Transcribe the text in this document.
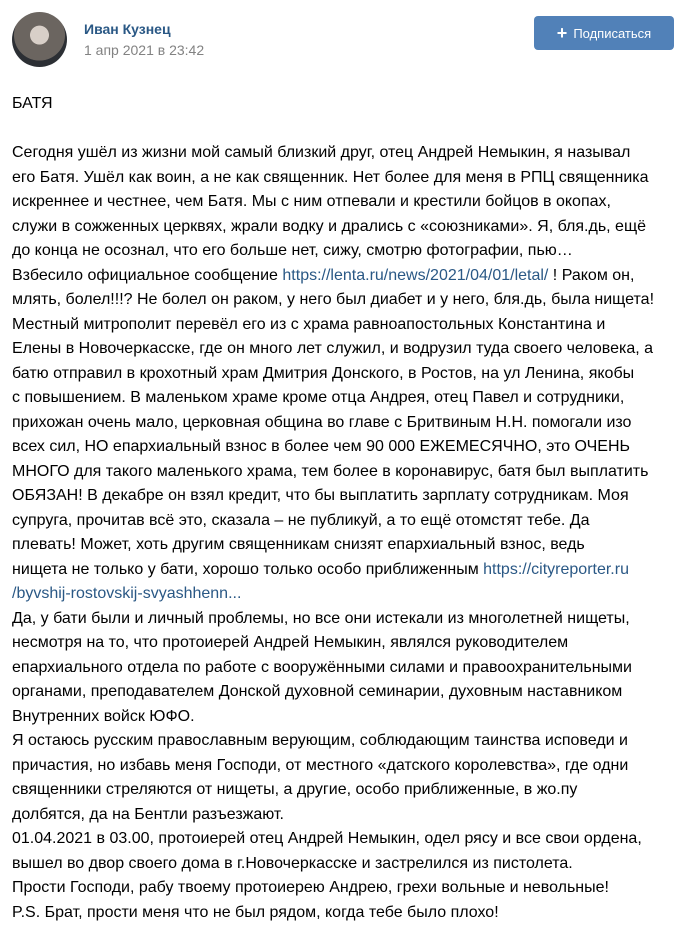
Иван Кузнец
1 апр 2021 в 23:42
+ Подписаться
БАТЯ
Сегодня ушёл из жизни мой самый близкий друг, отец Андрей Немыкин, я называл
его Батя. Ушёл как воин, а не как священник. Нет более для меня в РПЦ священника
искреннее и честнее, чем Батя. Мы с ним отпевали и крестили бойцов в окопах,
служи в сожженных церквях, жрали водку и дрались с «союзниками». Я, бля.дь, ещё
до конца не осознал, что его больше нет, сижу, смотрю фотографии, пью…
Взбесило официальное сообщение https://lenta.ru/news/2021/04/01/letal/ ! Раком он,
млять, болел!!!? Не болел он раком, у него был диабет и у него, бля.дь, была нищета!
Местный митрополит перевёл его из с храма равноапостольных Константина и
Елены в Новочеркасске, где он много лет служил, и водрузил туда своего человека, а
батю отправил в крохотный храм Дмитрия Донского, в Ростов, на ул Ленина, якобы
с повышением. В маленьком храме кроме отца Андрея, отец Павел и сотрудники,
прихожан очень мало, церковная община во главе с Бритвиным Н.Н. помогали изо
всех сил, НО епархиальный взнос в более чем 90 000 ЕЖЕМЕСЯЧНО, это ОЧЕНЬ
МНОГО для такого маленького храма, тем более в коронавирус, батя был выплатить
ОБЯЗАН! В декабре он взял кредит, что бы выплатить зарплату сотрудникам. Моя
супруга, прочитав всё это, сказала – не публикуй, а то ещё отомстят тебе. Да
плевать! Может, хоть другим священникам снизят епархиальный взнос, ведь
нищета не только у бати, хорошо только особо приближенным https://cityreporter.ru
/byvshij-rostovskij-svyashhenn...
Да, у бати были и личный проблемы, но все они истекали из многолетней нищеты,
несмотря на то, что протоиерей Андрей Немыкин, являлся руководителем
епархиального отдела по работе с вооружёнными силами и правоохранительными
органами, преподавателем Донской духовной семинарии, духовным наставником
Внутренних войск ЮФО.
Я остаюсь русским православным верующим, соблюдающим таинства исповеди и
причастия, но избавь меня Господи, от местного «датского королевства», где одни
священники стреляются от нищеты, а другие, особо приближенные, в жо.пу
долбятся, да на Бентли разъезжают.
01.04.2021 в 03.00, протоиерей отец Андрей Немыкин, одел рясу и все свои ордена,
вышел во двор своего дома в г.Новочеркасске и застрелился из пистолета.
Прости Господи, рабу твоему протоиерею Андрею, грехи вольные и невольные!
P.S. Брат, прости меня что не был рядом, когда тебе было плохо!
